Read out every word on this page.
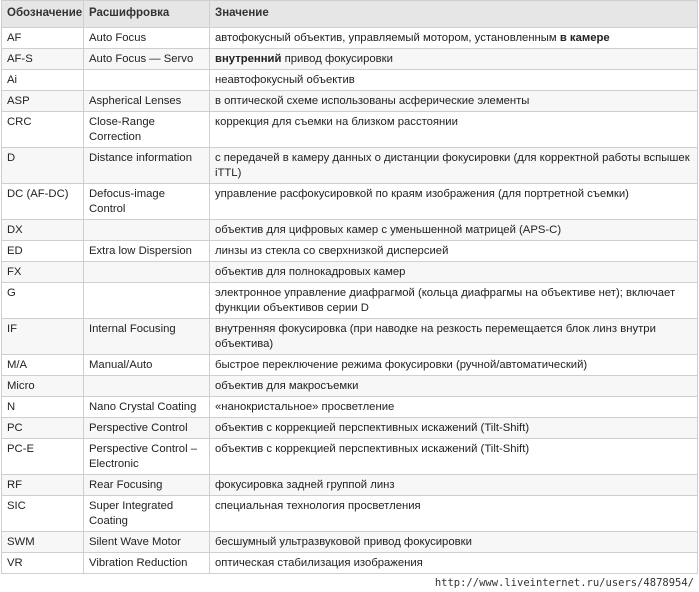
Обозначение	Расшифровка	Значение
AF	Auto Focus	автофокусный объектив, управляемый мотором, установленным в камере
AF-S	Auto Focus — Servo	внутренний привод фокусировки
Ai		неавтофокусный объектив
ASP	Aspherical Lenses	в оптической схеме использованы асферические элементы
CRC	Close-Range Correction	коррекция для съемки на близком расстоянии
D	Distance information	с передачей в камеру данных о дистанции фокусировки (для корректной работы вспышек iTTL)
DC (AF-DC)	Defocus-image Control	управление расфокусировкой по краям изображения (для портретной съемки)
DX		объектив для цифровых камер с уменьшенной матрицей (APS-C)
ED	Extra low Dispersion	линзы из стекла со сверхнизкой дисперсией
FX		объектив для полнокадровых камер
G		электронное управление диафрагмой (кольца диафрагмы на объективе нет); включает функции объективов серии D
IF	Internal Focusing	внутренняя фокусировка (при наводке на резкость перемещается блок линз внутри объектива)
M/A	Manual/Auto	быстрое переключение режима фокусировки (ручной/автоматический)
Micro		объектив для макросъемки
N	Nano Crystal Coating	«нанокристальное» просветление
PC	Perspective Control	объектив с коррекцией перспективных искажений (Tilt-Shift)
PC-E	Perspective Control – Electronic	объектив с коррекцией перспективных искажений (Tilt-Shift)
RF	Rear Focusing	фокусировка задней группой линз
SIC	Super Integrated Coating	специальная технология просветления
SWM	Silent Wave Motor	бесшумный ультразвуковой привод фокусировки
VR	Vibration Reduction	оптическая стабилизация изображения
http://www.liveinternet.ru/users/4878954/
